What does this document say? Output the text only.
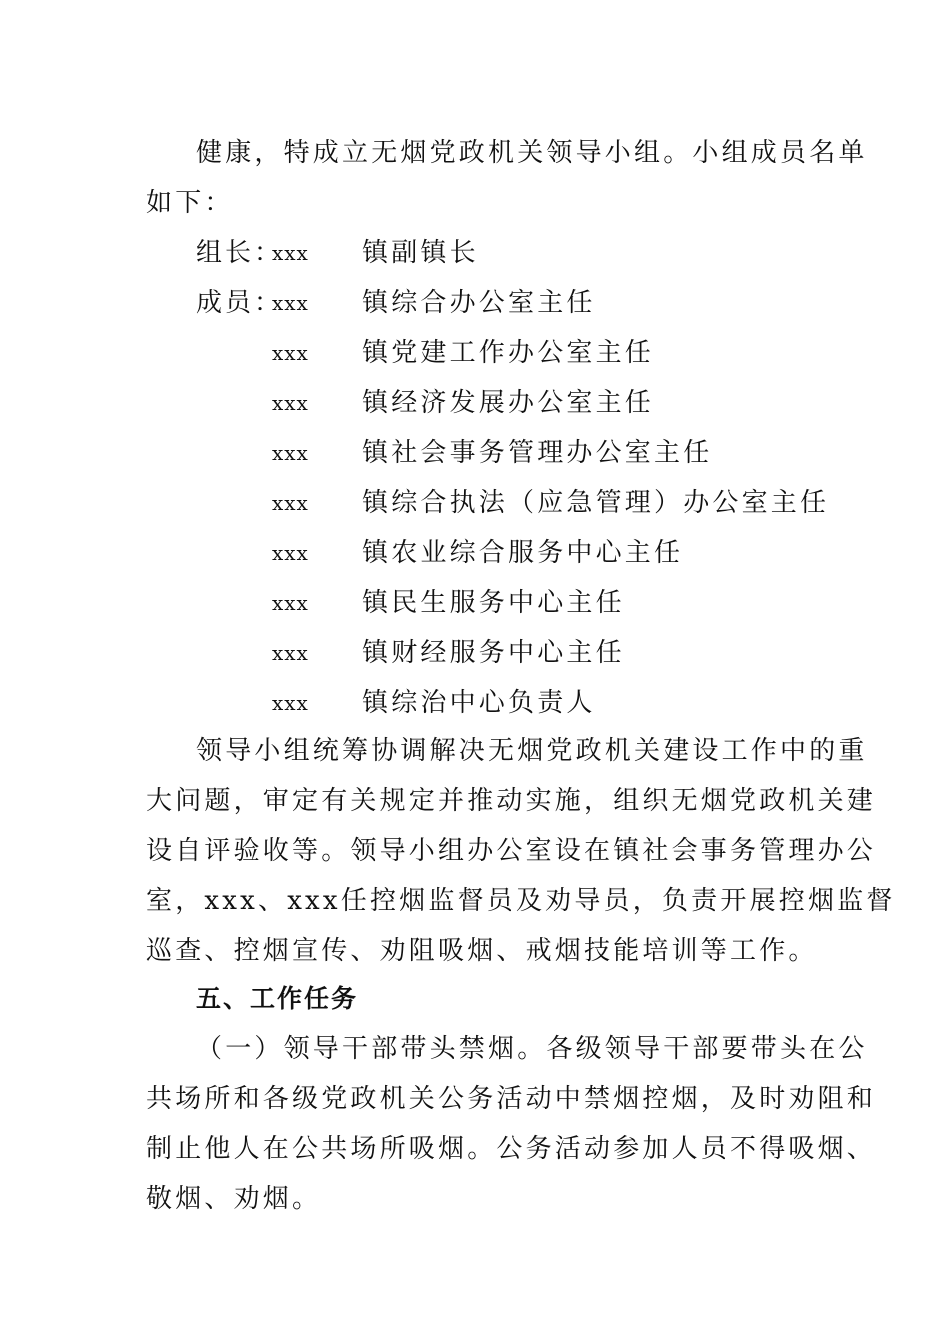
健康，特成立无烟党政机关领导小组。小组成员名单
如下：
组长：
xxx 镇副镇长
成员：
xxx 镇综合办公室主任
xxx 镇党建工作办公室主任
xxx 镇经济发展办公室主任
xxx 镇社会事务管理办公室主任
xxx 镇综合执法（应急管理）办公室主任
xxx 镇农业综合服务中心主任
xxx 镇民生服务中心主任
xxx 镇财经服务中心主任
xxx 镇综治中心负责人
领导小组统筹协调解决无烟党政机关建设工作中的重
大问题，审定有关规定并推动实施，组织无烟党政机关建
设自评验收等。领导小组办公室设在镇社会事务管理办公
室，xxx、xxx任控烟监督员及劝导员，负责开展控烟监督
巡查、控烟宣传、劝阻吸烟、戒烟技能培训等工作。
五、工作任务
（一）领导干部带头禁烟。各级领导干部要带头在公
共场所和各级党政机关公务活动中禁烟控烟，及时劝阻和
制止他人在公共场所吸烟。公务活动参加人员不得吸烟、
敬烟、劝烟。
